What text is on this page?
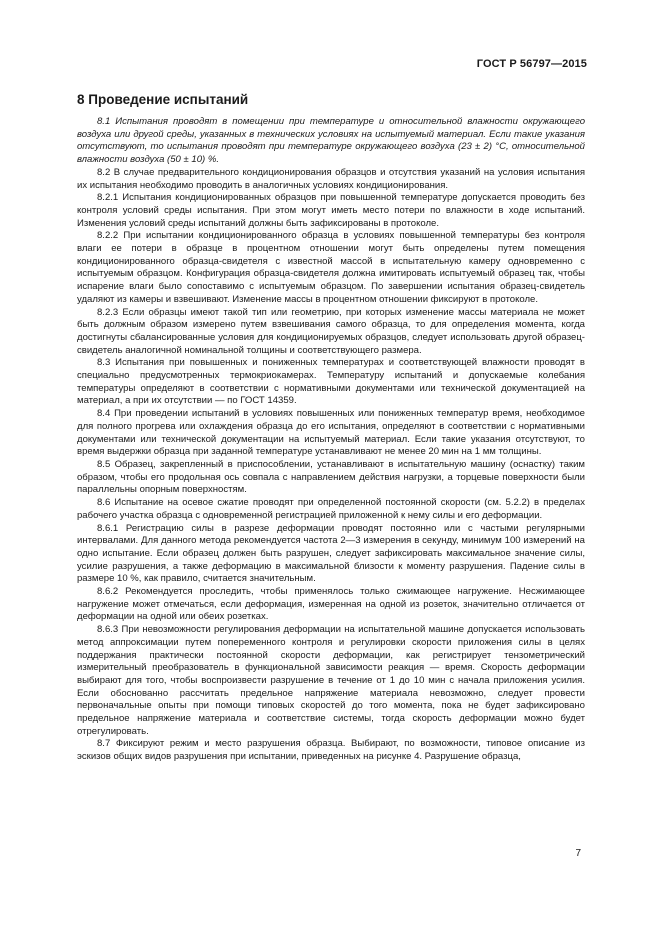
ГОСТ Р 56797—2015
8 Проведение испытаний

8.1 Испытания проводят в помещении при температуре и относительной влажности окружающего воздуха или другой среды, указанных в технических условиях на испытуемый материал. Если такие указания отсутствуют, то испытания проводят при температуре окружающего воздуха (23 ± 2) °С, относительной влажности воздуха (50 ± 10) %.

8.2 В случае предварительного кондиционирования образцов и отсутствия указаний на условия испытания их испытания необходимо проводить в аналогичных условиях кондиционирования.

8.2.1 Испытания кондиционированных образцов при повышенной температуре допускается проводить без контроля условий среды испытания. При этом могут иметь место потери по влажности в ходе испытаний. Изменения условий среды испытаний должны быть зафиксированы в протоколе.

8.2.2 При испытании кондиционированного образца в условиях повышенной температуры без контроля влаги ее потери в образце в процентном отношении могут быть определены путем помещения кондиционированного образца-свидетеля с известной массой в испытательную камеру одновременно с испытуемым образцом. Конфигурация образца-свидетеля должна имитировать испытуемый образец так, чтобы испарение влаги было сопоставимо с испытуемым образцом. По завершении испытания образец-свидетель удаляют из камеры и взвешивают. Изменение массы в процентном отношении фиксируют в протоколе.

8.2.3 Если образцы имеют такой тип или геометрию, при которых изменение массы материала не может быть должным образом измерено путем взвешивания самого образца, то для определения момента, когда достигнуты сбалансированные условия для кондиционируемых образцов, следует использовать другой образец-свидетель аналогичной номинальной толщины и соответствующего размера.

8.3 Испытания при повышенных и пониженных температурах и соответствующей влажности проводят в специально предусмотренных термокриокамерах. Температуру испытаний и допускаемые колебания температуры определяют в соответствии с нормативными документами или технической документацией на материал, а при их отсутствии — по ГОСТ 14359.

8.4 При проведении испытаний в условиях повышенных или пониженных температур время, необходимое для полного прогрева или охлаждения образца до его испытания, определяют в соответствии с нормативными документами или технической документации на испытуемый материал. Если такие указания отсутствуют, то время выдержки образца при заданной температуре устанавливают не менее 20 мин на 1 мм толщины.

8.5 Образец, закрепленный в приспособлении, устанавливают в испытательную машину (оснастку) таким образом, чтобы его продольная ось совпала с направлением действия нагрузки, а торцевые поверхности были параллельны опорным поверхностям.

8.6 Испытание на осевое сжатие проводят при определенной постоянной скорости (см. 5.2.2) в пределах рабочего участка образца с одновременной регистрацией приложенной к нему силы и его деформации.

8.6.1 Регистрацию силы в разрезе деформации проводят постоянно или с частыми регулярными интервалами. Для данного метода рекомендуется частота 2—3 измерения в секунду, минимум 100 измерений на одно испытание. Если образец должен быть разрушен, следует зафиксировать максимальное значение силы, усилие разрушения, а также деформацию в максимальной близости к моменту разрушения. Падение силы в размере 10 %, как правило, считается значительным.

8.6.2 Рекомендуется проследить, чтобы применялось только сжимающее нагружение. Несжимающее нагружение может отмечаться, если деформация, измеренная на одной из розеток, значительно отличается от деформации на одной или обеих розетках.

8.6.3 При невозможности регулирования деформации на испытательной машине допускается использовать метод аппроксимации путем попеременного контроля и регулировки скорости приложения силы в целях поддержания практически постоянной скорости деформации, как регистрирует тензометрический измерительный преобразователь в функциональной зависимости реакция — время. Скорость деформации выбирают для того, чтобы воспроизвести разрушение в течение от 1 до 10 мин с начала приложения усилия. Если обоснованно рассчитать предельное напряжение материала невозможно, следует провести первоначальные опыты при помощи типовых скоростей до того момента, пока не будет зафиксировано предельное напряжение материала и соответствие системы, тогда скорость деформации можно будет отрегулировать.

8.7 Фиксируют режим и место разрушения образца. Выбирают, по возможности, типовое описание из эскизов общих видов разрушения при испытании, приведенных на рисунке 4. Разрушение образца,

7
